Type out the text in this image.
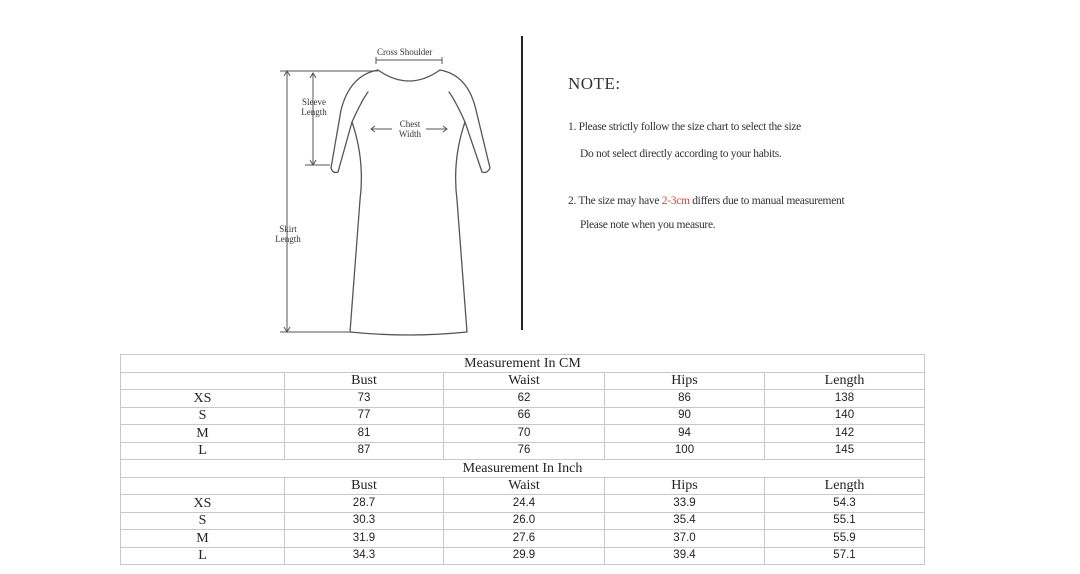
Cross Shoulder
Sleeve
Length
Chest
Width
Skirt
Length
NOTE:
1. Please strictly follow the size chart to select the size
Do not select directly according to your habits.
2. The size may have 2-3cm differs due to manual measurement
Please note when you measure.
Measurement In CM				
	Bust	Waist	Hips	Length
XS	73	62	86	138
S	77	66	90	140
M	81	70	94	142
L	87	76	100	145
Measurement In Inch				
	Bust	Waist	Hips	Length
XS	28.7	24.4	33.9	54.3
S	30.3	26.0	35.4	55.1
M	31.9	27.6	37.0	55.9
L	34.3	29.9	39.4	57.1
